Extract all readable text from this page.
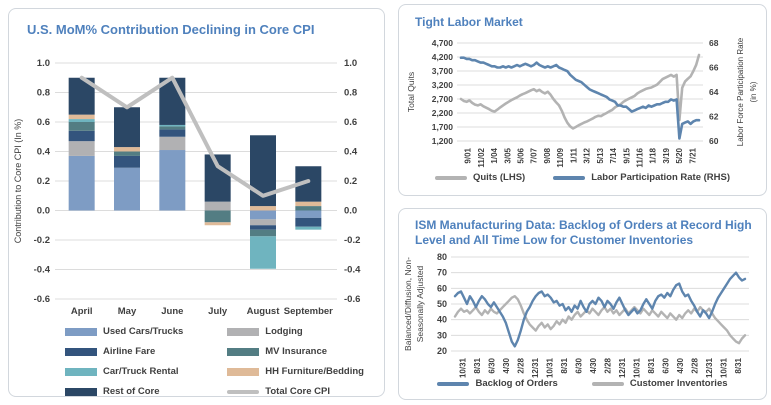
U.S. MoM% Contribution Declining in Core CPI
1.0	1.0
0.8	0.8
0.6	0.6
0.4	0.4
0.2	0.2
0.0	0.0
-0.2	-0.2
-0.4	-0.4
-0.6	-0.6
April	May	June	July August September
Contribution to Core CPI (In %)
Used Cars/Trucks
Airline Fare
Car/Truck Rental
Rest of Core
Lodging
MV Insurance
HH Furniture/Bedding
Total Core CPI
Tight Labor Market
4,700
4,200
3,700
3,200
2,700
2,200
1,700
1,200
68
66
64
62
60
9/01 11/02 1/04 3/05 5/06 7/07 9/08 11/09 1/11 3/12 5/13 7/14 9/15 11/16 1/18 3/19 5/20 7/21
Total Quits	Labor Force Participation Rate (in %)
Quits (LHS)	Labor Participation Rate (RHS)
ISM Manufacturing Data: Backlog of Orders at Record High Level and All Time Low for Customer Inventories
80
70
60
50
40
30
20
10/31 8/31 6/30 4/30 2/28 12/31 10/31 8/31 6/30 4/30 2/28 12/31 10/31 8/31 6/30 4/30 2/28 12/31 10/31 8/31
Balanced/Diffusion, Non- Seasonally Adjusted
Backlog of Orders	Customer Inventories
